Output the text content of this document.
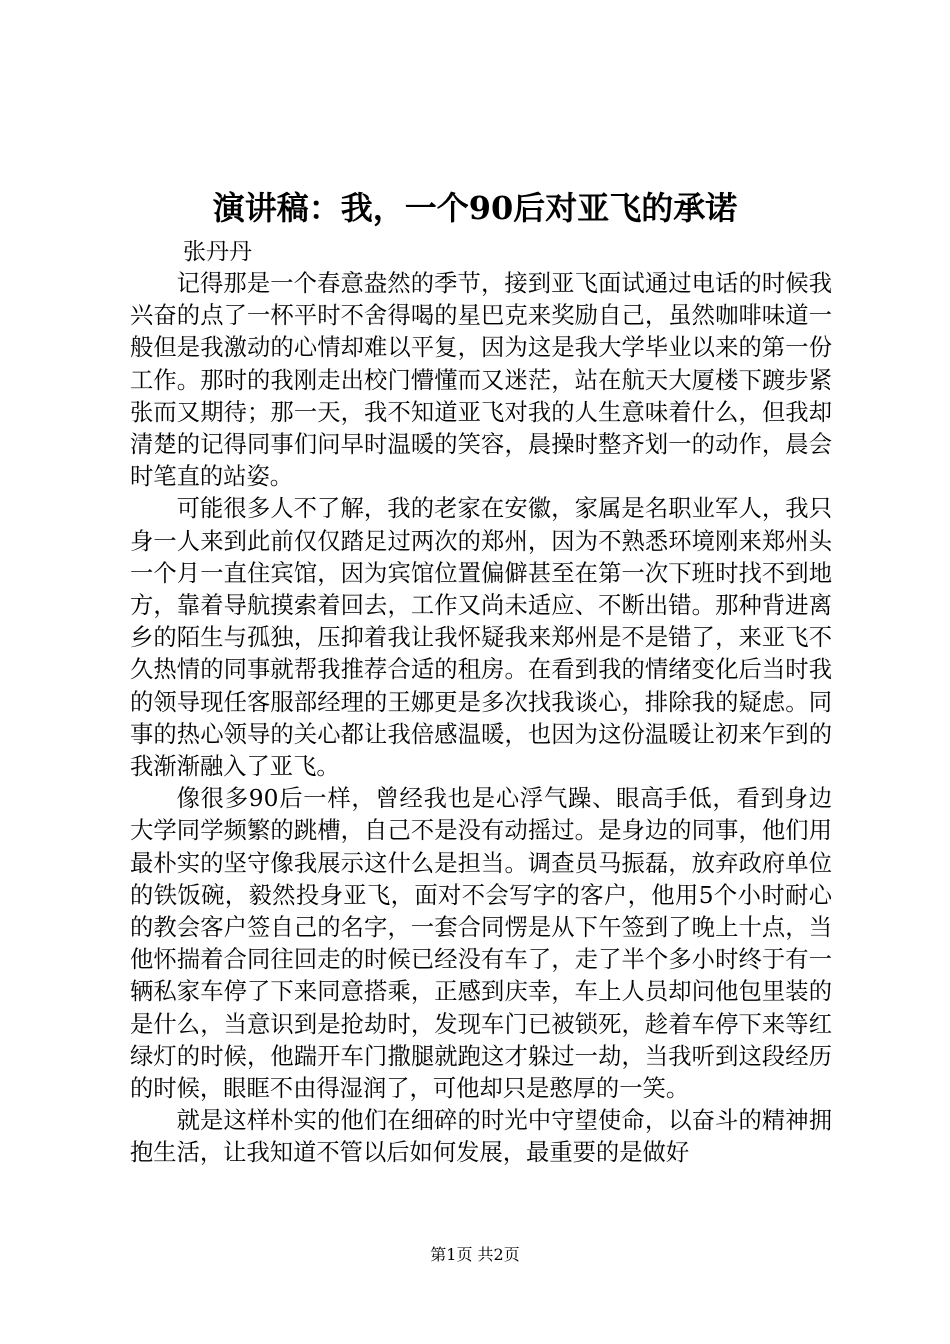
演讲稿：我，一个90后对亚飞的承诺
张丹丹

记得那是一个春意盎然的季节，接到亚飞面试通过电话的时候我兴奋的点了一杯平时不舍得喝的星巴克来奖励自己，虽然咖啡味道一般但是我激动的心情却难以平复，因为这是我大学毕业以来的第一份工作。那时的我刚走出校门懵懂而又迷茫，站在航天大厦楼下踱步紧张而又期待；那一天，我不知道亚飞对我的人生意味着什么，但我却清楚的记得同事们问早时温暖的笑容，晨操时整齐划一的动作，晨会时笔直的站姿。

可能很多人不了解，我的老家在安徽，家属是名职业军人，我只身一人来到此前仅仅踏足过两次的郑州，因为不熟悉环境刚来郑州头一个月一直住宾馆，因为宾馆位置偏僻甚至在第一次下班时找不到地方，靠着导航摸索着回去，工作又尚未适应、不断出错。那种背进离乡的陌生与孤独，压抑着我让我怀疑我来郑州是不是错了，来亚飞不久热情的同事就帮我推荐合适的租房。在看到我的情绪变化后当时我的领导现任客服部经理的王娜更是多次找我谈心，排除我的疑虑。同事的热心领导的关心都让我倍感温暖，也因为这份温暖让初来乍到的我渐渐融入了亚飞。

像很多90后一样，曾经我也是心浮气躁、眼高手低，看到身边大学同学频繁的跳槽，自己不是没有动摇过。是身边的同事，他们用最朴实的坚守像我展示这什么是担当。调查员马振磊，放弃政府单位的铁饭碗，毅然投身亚飞，面对不会写字的客户，他用5个小时耐心的教会客户签自己的名字，一套合同愣是从下午签到了晚上十点，当他怀揣着合同往回走的时候已经没有车了，走了半个多小时终于有一辆私家车停了下来同意搭乘，正感到庆幸，车上人员却问他包里装的是什么，当意识到是抢劫时，发现车门已被锁死，趁着车停下来等红绿灯的时候，他踹开车门撒腿就跑这才躲过一劫，当我听到这段经历的时候，眼眶不由得湿润了，可他却只是憨厚的一笑。

就是这样朴实的他们在细碎的时光中守望使命，以奋斗的精神拥抱生活，让我知道不管以后如何发展，最重要的是做好

第1页 共2页
